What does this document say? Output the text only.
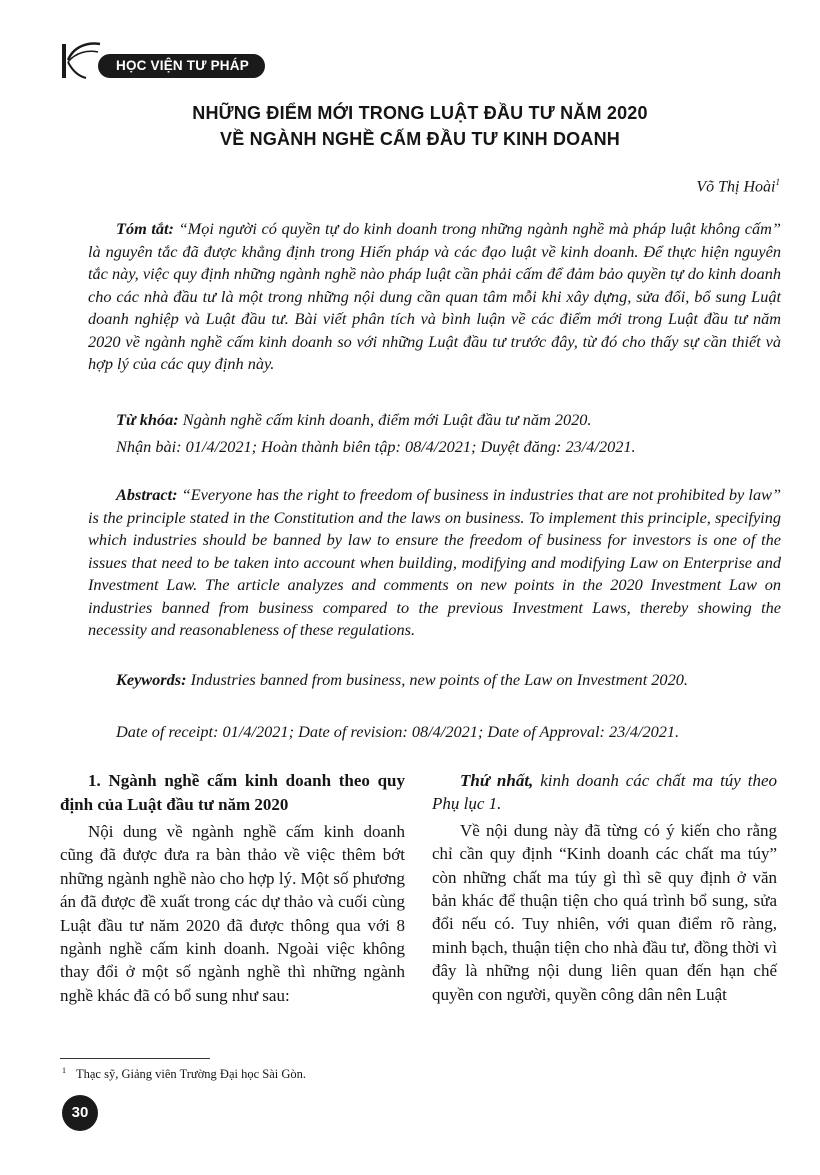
HỌC VIỆN TƯ PHÁP
NHỮNG ĐIỂM MỚI TRONG LUẬT ĐẦU TƯ NĂM 2020
VỀ NGÀNH NGHỀ CẤM ĐẦU TƯ KINH DOANH
Võ Thị Hoài$^1$

Tóm tắt: “Mọi người có quyền tự do kinh doanh trong những ngành nghề mà pháp luật không cấm” là nguyên tắc đã được khẳng định trong Hiến pháp và các đạo luật về kinh doanh. Để thực hiện nguyên tắc này, việc quy định những ngành nghề nào pháp luật cần phải cấm để đảm bảo quyền tự do kinh doanh cho các nhà đầu tư là một trong những nội dung cần quan tâm mỗi khi xây dựng, sửa đổi, bổ sung Luật doanh nghiệp và Luật đầu tư. Bài viết phân tích và bình luận về các điểm mới trong Luật đầu tư năm 2020 về ngành nghề cấm kinh doanh so với những Luật đầu tư trước đây, từ đó cho thấy sự cần thiết và hợp lý của các quy định này.

Từ khóa: Ngành nghề cấm kinh doanh, điểm mới Luật đầu tư năm 2020.

Nhận bài: 01/4/2021; Hoàn thành biên tập: 08/4/2021; Duyệt đăng: 23/4/2021.

Abstract: “Everyone has the right to freedom of business in industries that are not prohibited by law” is the principle stated in the Constitution and the laws on business. To implement this principle, specifying which industries should be banned by law to ensure the freedom of business for investors is one of the issues that need to be taken into account when building, modifying and modifying Law on Enterprise and Investment Law. The article analyzes and comments on new points in the 2020 Investment Law on industries banned from business compared to the previous Investment Laws, thereby showing the necessity and reasonableness of these regulations.

Keywords: Industries banned from business, new points of the Law on Investment 2020.

Date of receipt: 01/4/2021; Date of revision: 08/4/2021; Date of Approval: 23/4/2021.

1. Ngành nghề cấm kinh doanh theo quy định của Luật đầu tư năm 2020

Nội dung về ngành nghề cấm kinh doanh cũng đã được đưa ra bàn thảo về việc thêm bớt những ngành nghề nào cho hợp lý. Một số phương án đã được đề xuất trong các dự thảo và cuối cùng Luật đầu tư năm 2020 đã được thông qua với 8 ngành nghề cấm kinh doanh. Ngoài việc không thay đổi ở một số ngành nghề thì những ngành nghề khác đã có bổ sung như sau:

Thứ nhất, kinh doanh các chất ma túy theo Phụ lục 1.

Về nội dung này đã từng có ý kiến cho rằng chỉ cần quy định “Kinh doanh các chất ma túy” còn những chất ma túy gì thì sẽ quy định ở văn bản khác để thuận tiện cho quá trình bổ sung, sửa đổi nếu có. Tuy nhiên, với quan điểm rõ ràng, minh bạch, thuận tiện cho nhà đầu tư, đồng thời vì đây là những nội dung liên quan đến hạn chế quyền con người, quyền công dân nên Luật

$^1$ Thạc sỹ, Giảng viên Trường Đại học Sài Gòn.
30
